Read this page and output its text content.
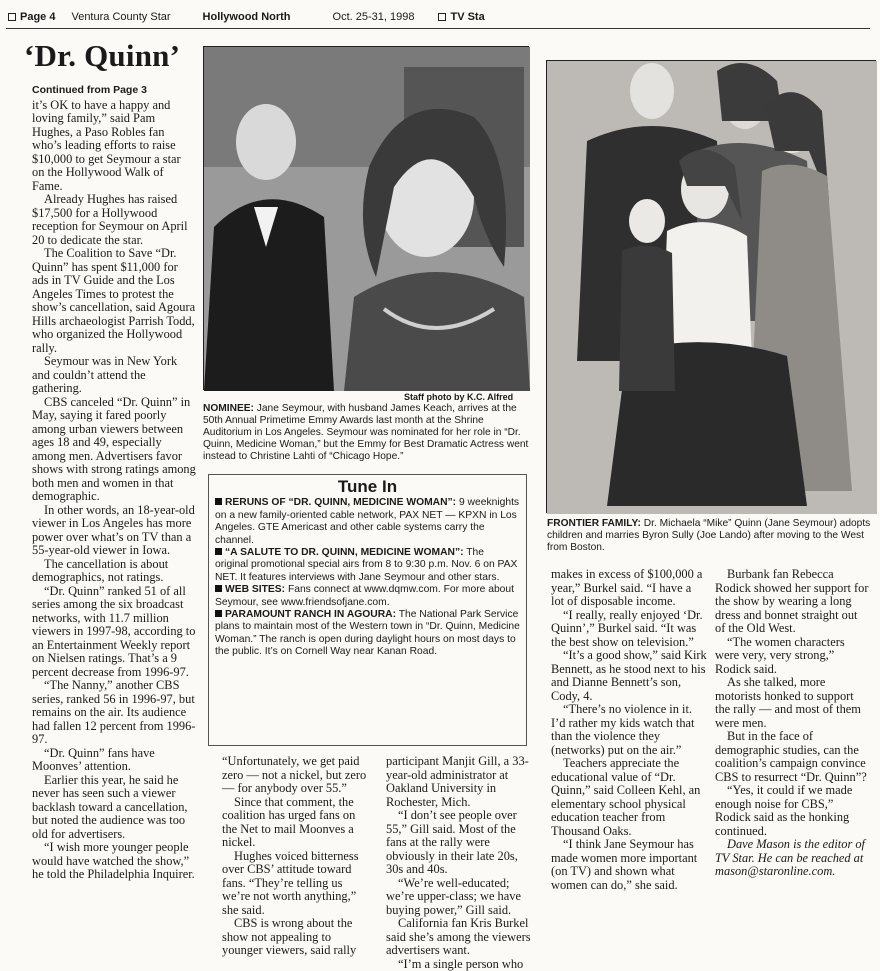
Page 4 Ventura County Star	Hollywood North	Oct. 25-31, 1998	TV Sta
‘Dr. Quinn’
Continued from Page 3

it’s OK to have a happy and loving family,” said Pam Hughes, a Paso Robles fan who’s leading efforts to raise $10,000 to get Seymour a star on the Hollywood Walk of Fame.

Already Hughes has raised $17,500 for a Hollywood reception for Seymour on April 20 to dedicate the star.

The Coalition to Save “Dr. Quinn” has spent $11,000 for ads in TV Guide and the Los Angeles Times to protest the show’s cancellation, said Agoura Hills archaeologist Parrish Todd, who organized the Hollywood rally.

Seymour was in New York and couldn’t attend the gathering.

CBS canceled “Dr. Quinn” in May, saying it fared poorly among urban viewers between ages 18 and 49, especially among men. Advertisers favor shows with strong ratings among both men and women in that demographic.

In other words, an 18-year-old viewer in Los Angeles has more power over what’s on TV than a 55-year-old viewer in Iowa.

The cancellation is about demographics, not ratings.

“Dr. Quinn” ranked 51 of all series among the six broadcast networks, with 11.7 million viewers in 1997-98, according to an Entertainment Weekly report on Nielsen ratings. That’s a 9 percent decrease from 1996-97.

“The Nanny,” another CBS series, ranked 56 in 1996-97, but remains on the air. Its audience had fallen 12 percent from 1996-97.

“Dr. Quinn” fans have Moonves’ attention.

Earlier this year, he said he never has seen such a viewer backlash toward a cancellation, but noted the audience was too old for advertisers.

“I wish more younger people would have watched the show,” he told the Philadelphia Inquirer.

Staff photo by K.C. Alfred
NOMINEE: Jane Seymour, with husband James Keach, arrives at the 50th Annual Primetime Emmy Awards last month at the Shrine Auditorium in Los Angeles. Seymour was nominated for her role in “Dr. Quinn, Medicine Woman,” but the Emmy for Best Dramatic Actress went instead to Christine Lahti of “Chicago Hope.”
Tune In
RERUNS OF “DR. QUINN, MEDICINE WOMAN”: 9 weeknights on a new family-oriented cable network, PAX NET — KPXN in Los Angeles. GTE Americast and other cable systems carry the channel.
“A SALUTE TO DR. QUINN, MEDICINE WOMAN”: The original promotional special airs from 8 to 9:30 p.m. Nov. 6 on PAX NET. It features interviews with Jane Seymour and other stars.
WEB SITES: Fans connect at www.dqmw.com. For more about Seymour, see www.friendsofjane.com.
PARAMOUNT RANCH IN AGOURA: The National Park Service plans to maintain most of the Western town in “Dr. Quinn, Medicine Woman.” The ranch is open during daylight hours on most days to the public. It’s on Cornell Way near Kanan Road.

“Unfortunately, we get paid zero — not a nickel, but zero — for anybody over 55.”

Since that comment, the coalition has urged fans on the Net to mail Moonves a nickel.

Hughes voiced bitterness over CBS’ attitude toward fans. “They’re telling us we’re not worth anything,” she said.

CBS is wrong about the show not appealing to younger viewers, said rally

participant Manjit Gill, a 33-year-old administrator at Oakland University in Rochester, Mich.

“I don’t see people over 55,” Gill said. Most of the fans at the rally were obviously in their late 20s, 30s and 40s.

“We’re well-educated; we’re upper-class; we have buying power,” Gill said.

California fan Kris Burkel said she’s among the viewers advertisers want.

“I’m a single person who

FRONTIER FAMILY: Dr. Michaela “Mike” Quinn (Jane Seymour) adopts children and marries Byron Sully (Joe Lando) after moving to the West from Boston.

makes in excess of $100,000 a year,” Burkel said. “I have a lot of disposable income.

“I really, really enjoyed ‘Dr. Quinn’,” Burkel said. “It was the best show on television.”

“It’s a good show,” said Kirk Bennett, as he stood next to his and Dianne Bennett’s son, Cody, 4.

“There’s no violence in it. I’d rather my kids watch that than the violence they (networks) put on the air.”

Teachers appreciate the educational value of “Dr. Quinn,” said Colleen Kehl, an elementary school physical education teacher from Thousand Oaks.

“I think Jane Seymour has made women more important (on TV) and shown what women can do,” she said.

Burbank fan Rebecca Rodick showed her support for the show by wearing a long dress and bonnet straight out of the Old West.

“The women characters were very, very strong,” Rodick said.

As she talked, more motorists honked to support the rally — and most of them were men.

But in the face of demographic studies, can the coalition’s campaign convince CBS to resurrect “Dr. Quinn”?

“Yes, it could if we made enough noise for CBS,” Rodick said as the honking continued.

Dave Mason is the editor of TV Star. He can be reached at mason@staronline.com.
